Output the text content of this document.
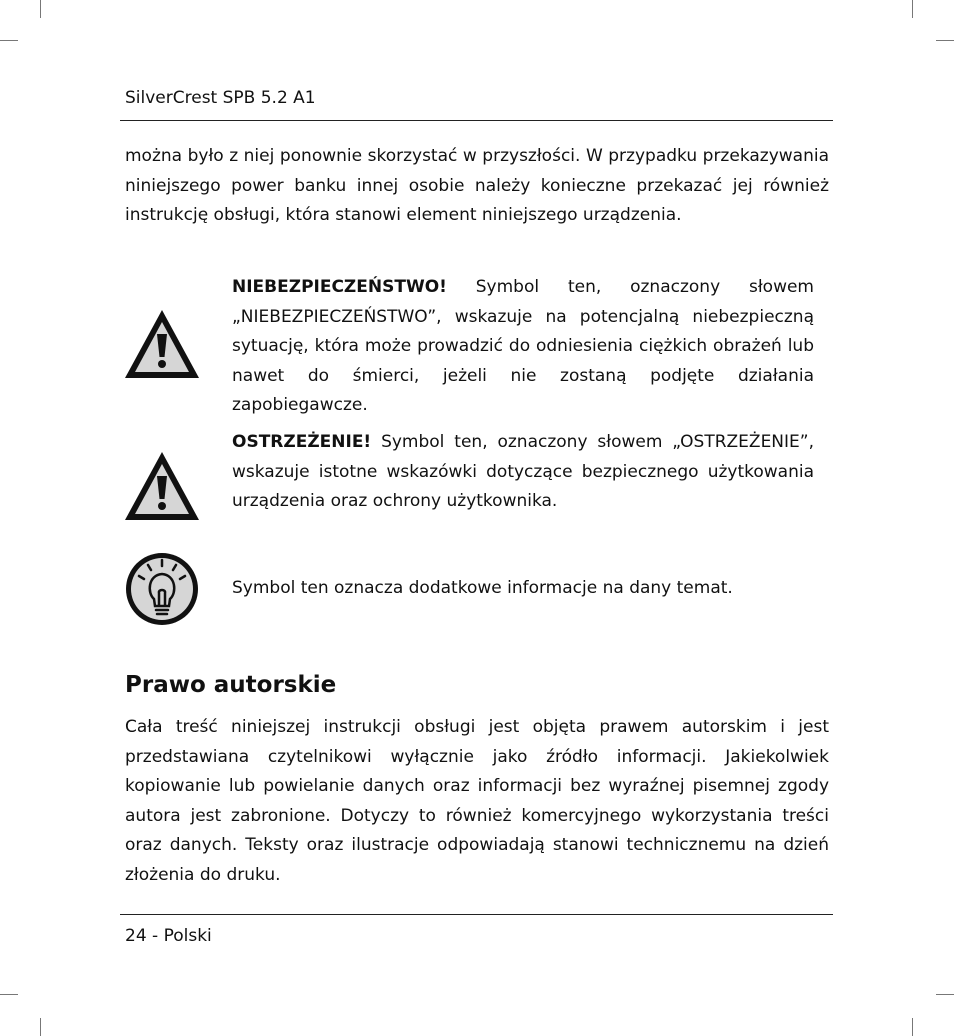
SilverCrest SPB 5.2 A1

można było z niej ponownie skorzystać w przyszłości. W przypadku przekazywania niniejszego power banku innej osobie należy konieczne przekazać jej również instrukcję obsługi, która stanowi element niniejszego urządzenia.

NIEBEZPIECZEŃSTWO! Symbol ten, oznaczony słowem „NIEBEZPIECZEŃSTWO”, wskazuje na potencjalną niebezpieczną sytuację, która może prowadzić do odniesienia ciężkich obrażeń lub nawet do śmierci, jeżeli nie zostaną podjęte działania zapobiegawcze.

OSTRZEŻENIE! Symbol ten, oznaczony słowem „OSTRZEŻENIE”, wskazuje istotne wskazówki dotyczące bezpiecznego użytkowania urządzenia oraz ochrony użytkownika.

Symbol ten oznacza dodatkowe informacje na dany temat.

Prawo autorskie

Cała treść niniejszej instrukcji obsługi jest objęta prawem autorskim i jest przedstawiana czytelnikowi wyłącznie jako źródło informacji. Jakiekolwiek kopiowanie lub powielanie danych oraz informacji bez wyraźnej pisemnej zgody autora jest zabronione. Dotyczy to również komercyjnego wykorzystania treści oraz danych. Teksty oraz ilustracje odpowiadają stanowi technicznemu na dzień złożenia do druku.

24 - Polski
